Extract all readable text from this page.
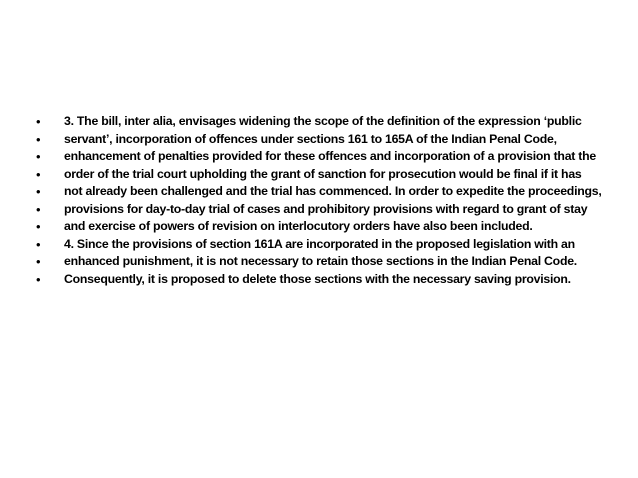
•	3. The bill, inter alia, envisages widening the scope of the definition of the expression ‘public
•	servant’, incorporation of offences under sections 161 to 165A of the Indian Penal Code,
•	enhancement of penalties provided for these offences and incorporation of a provision that the
•	order of the trial court upholding the grant of sanction for prosecution would be final if it has
•	not already been challenged and the trial has commenced. In order to expedite the proceedings,
•	provisions for day-to-day trial of cases and prohibitory provisions with regard to grant of stay
•	and exercise of powers of revision on interlocutory orders have also been included.
•	4. Since the provisions of section 161A are incorporated in the proposed legislation with an
•	enhanced punishment, it is not necessary to retain those sections in the Indian Penal Code.
•	Consequently, it is proposed to delete those sections with the necessary saving provision.
